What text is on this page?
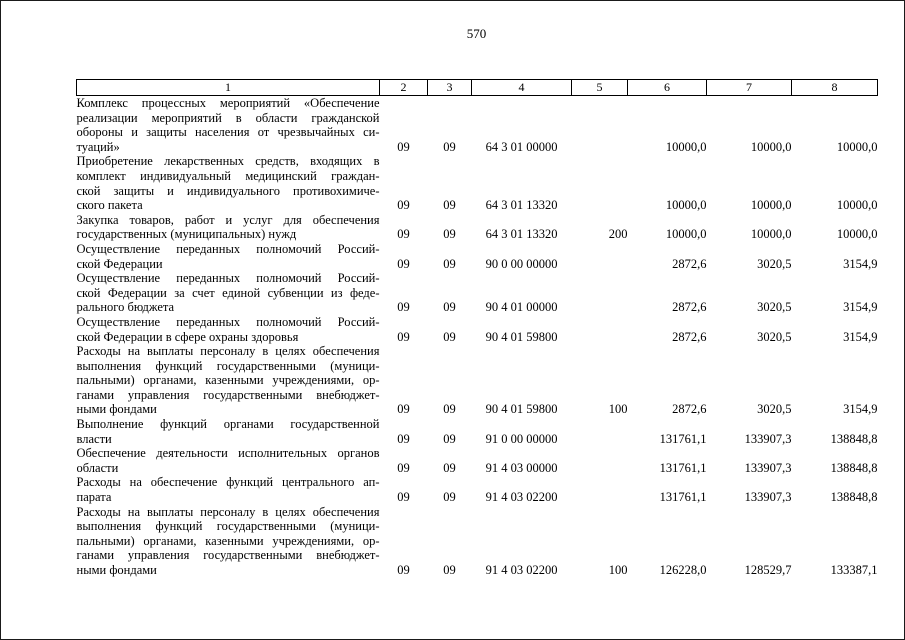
570
1	2	3	4	5	6	7	8

Комплекс процессных мероприятий «Обеспечение
реализации мероприятий в области гражданской
обороны и защиты населения от чрезвычайных си-
туаций»	09	09	64 3 01 00000		10000,0	10000,0	10000,0

Приобретение лекарственных средств, входящих в
комплект индивидуальный медицинский граждан-
ской защиты и индивидуального противохимиче-
ского пакета	09	09	64 3 01 13320		10000,0	10000,0	10000,0

Закупка товаров, работ и услуг для обеспечения
государственных (муниципальных) нужд	09	09	64 3 01 13320	200	10000,0	10000,0	10000,0

Осуществление переданных полномочий Россий-
ской Федерации	09	09	90 0 00 00000		2872,6	3020,5	3154,9

Осуществление переданных полномочий Россий-
ской Федерации за счет единой субвенции из феде-
рального бюджета	09	09	90 4 01 00000		2872,6	3020,5	3154,9

Осуществление переданных полномочий Россий-
ской Федерации в сфере охраны здоровья	09	09	90 4 01 59800		2872,6	3020,5	3154,9

Расходы на выплаты персоналу в целях обеспечения
выполнения функций государственными (муници-
пальными) органами, казенными учреждениями, ор-
ганами управления государственными внебюджет-
ными фондами	09	09	90 4 01 59800	100	2872,6	3020,5	3154,9

Выполнение функций органами государственной
власти	09	09	91 0 00 00000		131761,1	133907,3	138848,8

Обеспечение деятельности исполнительных органов
области	09	09	91 4 03 00000		131761,1	133907,3	138848,8

Расходы на обеспечение функций центрального ап-
парата	09	09	91 4 03 02200		131761,1	133907,3	138848,8

Расходы на выплаты персоналу в целях обеспечения
выполнения функций государственными (муници-
пальными) органами, казенными учреждениями, ор-
ганами управления государственными внебюджет-
ными фондами	09	09	91 4 03 02200	100	126228,0	128529,7	133387,1
